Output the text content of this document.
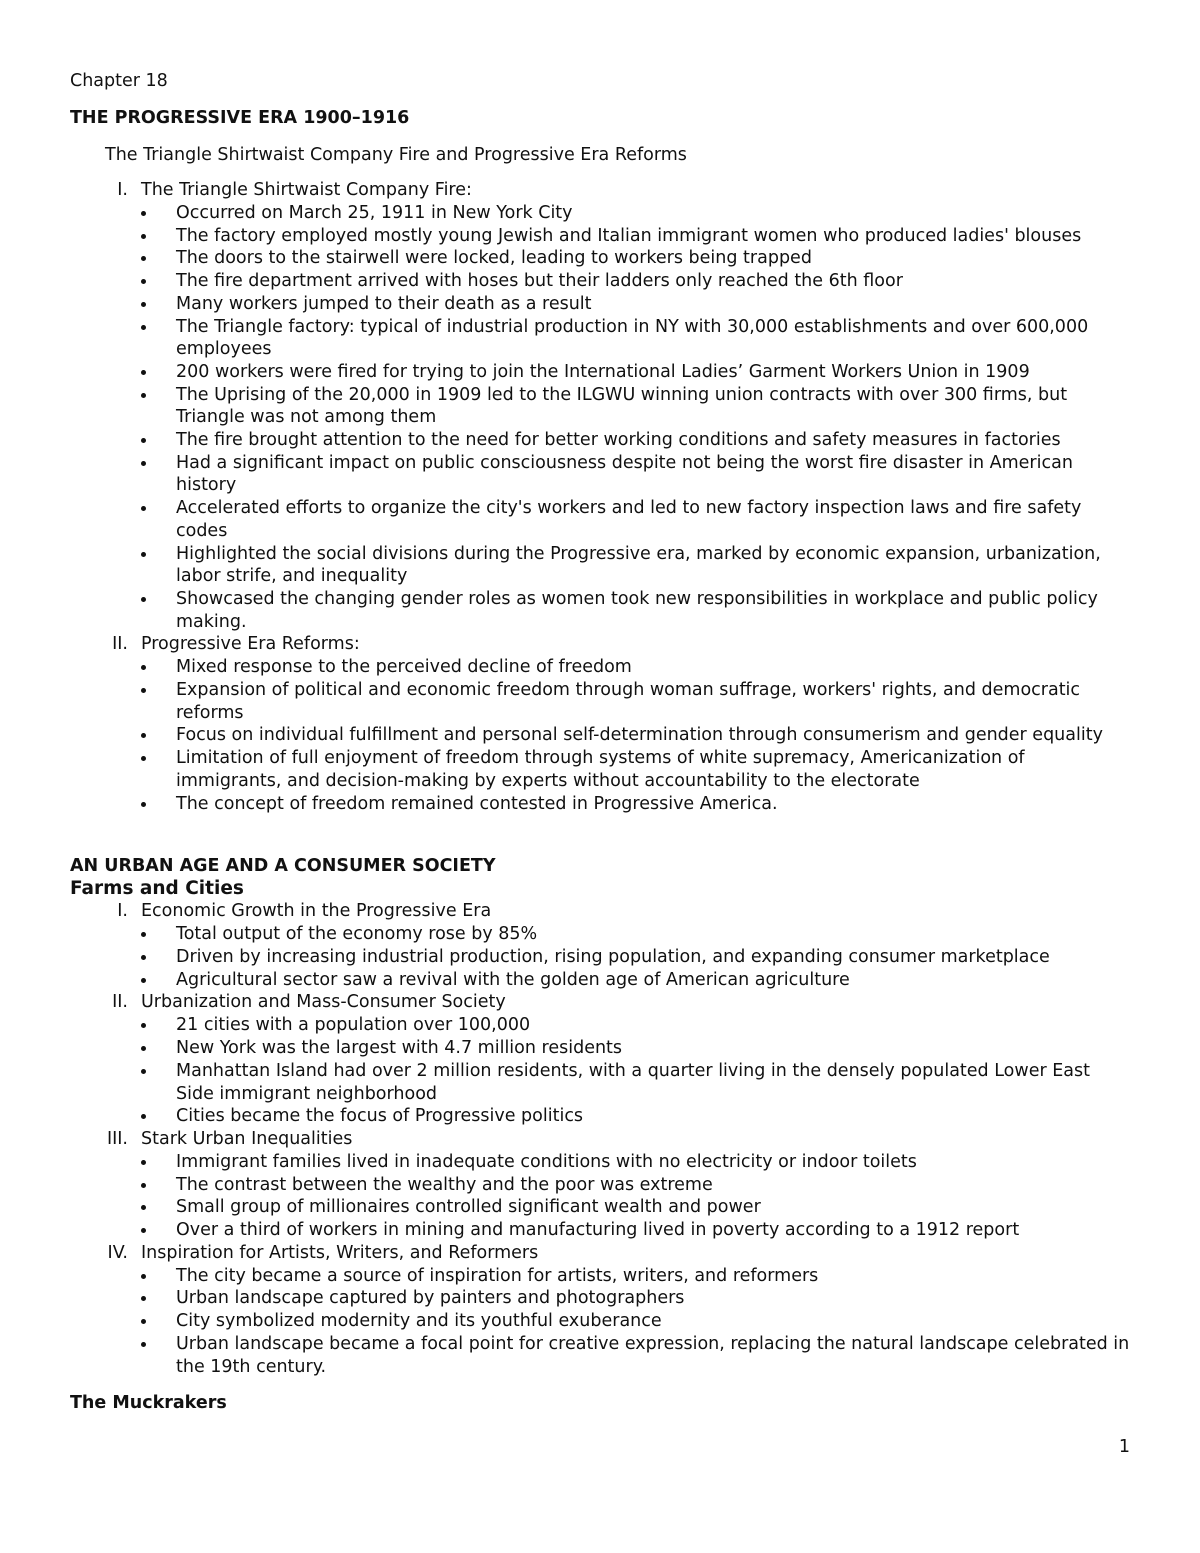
Chapter 18
THE PROGRESSIVE ERA 1900–1916
The Triangle Shirtwaist Company Fire and Progressive Era Reforms
I. The Triangle Shirtwaist Company Fire:
Occurred on March 25, 1911 in New York City
The factory employed mostly young Jewish and Italian immigrant women who produced ladies' blouses
The doors to the stairwell were locked, leading to workers being trapped
The fire department arrived with hoses but their ladders only reached the 6th floor
Many workers jumped to their death as a result
The Triangle factory: typical of industrial production in NY with 30,000 establishments and over 600,000 employees
200 workers were fired for trying to join the International Ladies’ Garment Workers Union in 1909
The Uprising of the 20,000 in 1909 led to the ILGWU winning union contracts with over 300 firms, but Triangle was not among them
The fire brought attention to the need for better working conditions and safety measures in factories
Had a significant impact on public consciousness despite not being the worst fire disaster in American history
Accelerated efforts to organize the city's workers and led to new factory inspection laws and fire safety codes
Highlighted the social divisions during the Progressive era, marked by economic expansion, urbanization, labor strife, and inequality
Showcased the changing gender roles as women took new responsibilities in workplace and public policy making.
II. Progressive Era Reforms:
Mixed response to the perceived decline of freedom
Expansion of political and economic freedom through woman suffrage, workers' rights, and democratic reforms
Focus on individual fulfillment and personal self-determination through consumerism and gender equality
Limitation of full enjoyment of freedom through systems of white supremacy, Americanization of immigrants, and decision-making by experts without accountability to the electorate
The concept of freedom remained contested in Progressive America.
AN URBAN AGE AND A CONSUMER SOCIETY
Farms and Cities
I. Economic Growth in the Progressive Era
Total output of the economy rose by 85%
Driven by increasing industrial production, rising population, and expanding consumer marketplace
Agricultural sector saw a revival with the golden age of American agriculture
II. Urbanization and Mass-Consumer Society
21 cities with a population over 100,000
New York was the largest with 4.7 million residents
Manhattan Island had over 2 million residents, with a quarter living in the densely populated Lower East Side immigrant neighborhood
Cities became the focus of Progressive politics
III. Stark Urban Inequalities
Immigrant families lived in inadequate conditions with no electricity or indoor toilets
The contrast between the wealthy and the poor was extreme
Small group of millionaires controlled significant wealth and power
Over a third of workers in mining and manufacturing lived in poverty according to a 1912 report
IV. Inspiration for Artists, Writers, and Reformers
The city became a source of inspiration for artists, writers, and reformers
Urban landscape captured by painters and photographers
City symbolized modernity and its youthful exuberance
Urban landscape became a focal point for creative expression, replacing the natural landscape celebrated in the 19th century.
The Muckrakers
1
